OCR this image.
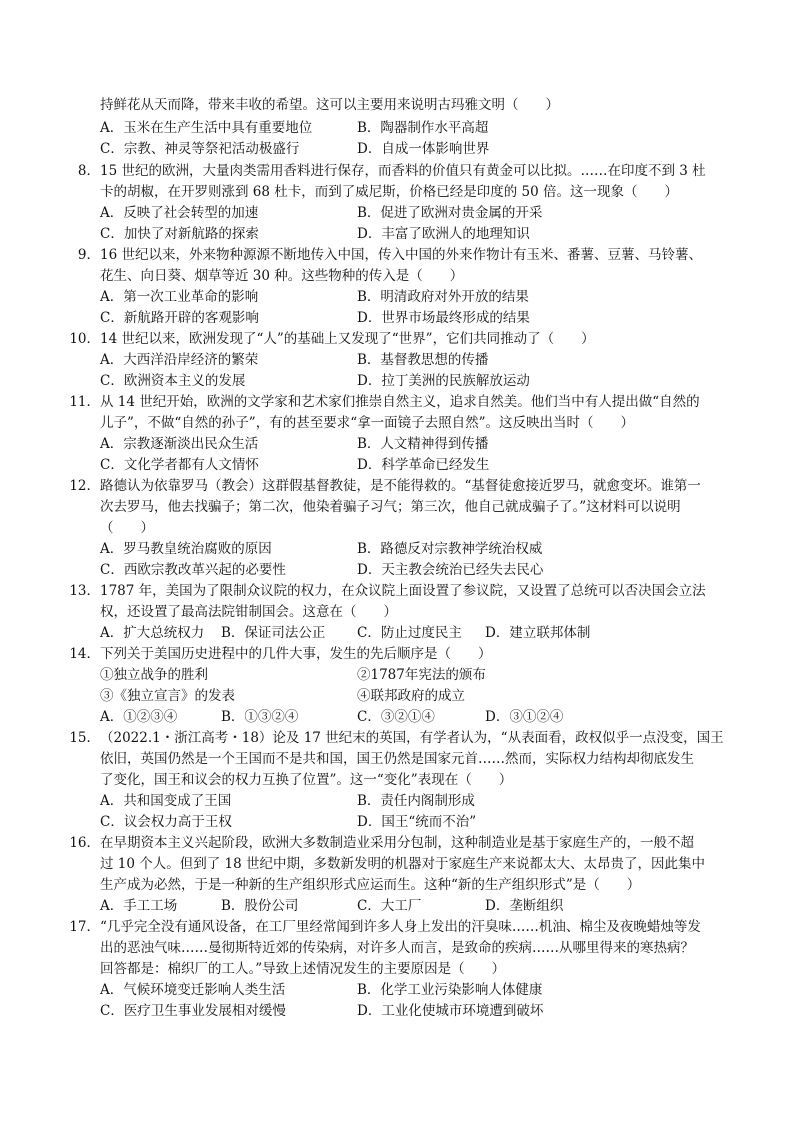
持鲜花从天而降，带来丰收的希望。这可以主要用来说明古玛雅文明（　　）
A．玉米在生产生活中具有重要地位	B．陶器制作水平高超
C．宗教、神灵等祭祀活动极盛行	D．自成一体影响世界
8． 15 世纪的欧洲，大量肉类需用香料进行保存，而香料的价值只有黄金可以比拟。……在印度不到 3 杜
卡的胡椒，在开罗则涨到 68 杜卡，而到了威尼斯，价格已经是印度的 50 倍。这一现象（　　）
A．反映了社会转型的加速	B．促进了欧洲对贵金属的开采
C．加快了对新航路的探索	D．丰富了欧洲人的地理知识
9． 16 世纪以来，外来物种源源不断地传入中国，传入中国的外来作物计有玉米、番薯、豆薯、马铃薯、
花生、向日葵、烟草等近 30 种。这些物种的传入是（　　）
A．第一次工业革命的影响	B．明清政府对外开放的结果
C．新航路开辟的客观影响	D．世界市场最终形成的结果
10． 14 世纪以来，欧洲发现了“人”的基础上又发现了“世界”，它们共同推动了（　　）
A．大西洋沿岸经济的繁荣	B．基督教思想的传播
C．欧洲资本主义的发展	D．拉丁美洲的民族解放运动
11． 从 14 世纪开始，欧洲的文学家和艺术家们推崇自然主义，追求自然美。他们当中有人提出做“自然的
儿子”，不做“自然的孙子”，有的甚至要求“拿一面镜子去照自然”。这反映出当时（　　）
A．宗教逐渐淡出民众生活	B．人文精神得到传播
C．文化学者都有人文情怀	D．科学革命已经发生
12． 路德认为依靠罗马（教会）这群假基督教徒，是不能得救的。“基督徒愈接近罗马，就愈变坏。谁第一
次去罗马，他去找骗子；第二次，他染着骗子习气；第三次，他自己就成骗子了。”这材料可以说明
（　　）
A．罗马教皇统治腐败的原因	B．路德反对宗教神学统治权威
C．西欧宗教改革兴起的必要性	D．天主教会统治已经失去民心
13． 1787 年，美国为了限制众议院的权力，在众议院上面设置了参议院，又设置了总统可以否决国会立法
权，还设置了最高法院钳制国会。这意在（　　）
A．扩大总统权力 B．保证司法公正 C．防止过度民主 D．建立联邦体制
14． 下列关于美国历史进程中的几件大事，发生的先后顺序是（　　）
①独立战争的胜利	②1787年宪法的颁布
③《独立宣言》的发表	④联邦政府的成立
A．①②③④	B．①③②④	C．③②①④	D．③①②④
15． （2022.1・浙江高考・18）论及 17 世纪末的英国，有学者认为，“从表面看，政权似乎一点没变，国王
依旧，英国仍然是一个王国而不是共和国，国王仍然是国家元首……然而，实际权力结构却彻底发生
了变化，国王和议会的权力互换了位置”。这一“变化”表现在（　　）
A．共和国变成了王国	B．责任内阁制形成
C．议会权力高于王权	D．国王“统而不治”
16． 在早期资本主义兴起阶段，欧洲大多数制造业采用分包制，这种制造业是基于家庭生产的，一般不超
过 10 个人。但到了 18 世纪中期，多数新发明的机器对于家庭生产来说都太大、太昂贵了，因此集中
生产成为必然，于是一种新的生产组织形式应运而生。这种“新的生产组织形式”是（　　）
A．手工工场	B．股份公司	C．大工厂	D．垄断组织
17． “几乎完全没有通风设备，在工厂里经常闻到许多人身上发出的汗臭味……机油、棉尘及夜晚蜡烛等发
出的恶浊气味……曼彻斯特近郊的传染病，对许多人而言，是致命的疾病……从哪里得来的寒热病？
回答都是：棉织厂的工人。”导致上述情况发生的主要原因是（　　）
A．气候环境变迁影响人类生活	B．化学工业污染影响人体健康
C．医疗卫生事业发展相对缓慢	D．工业化使城市环境遭到破坏
